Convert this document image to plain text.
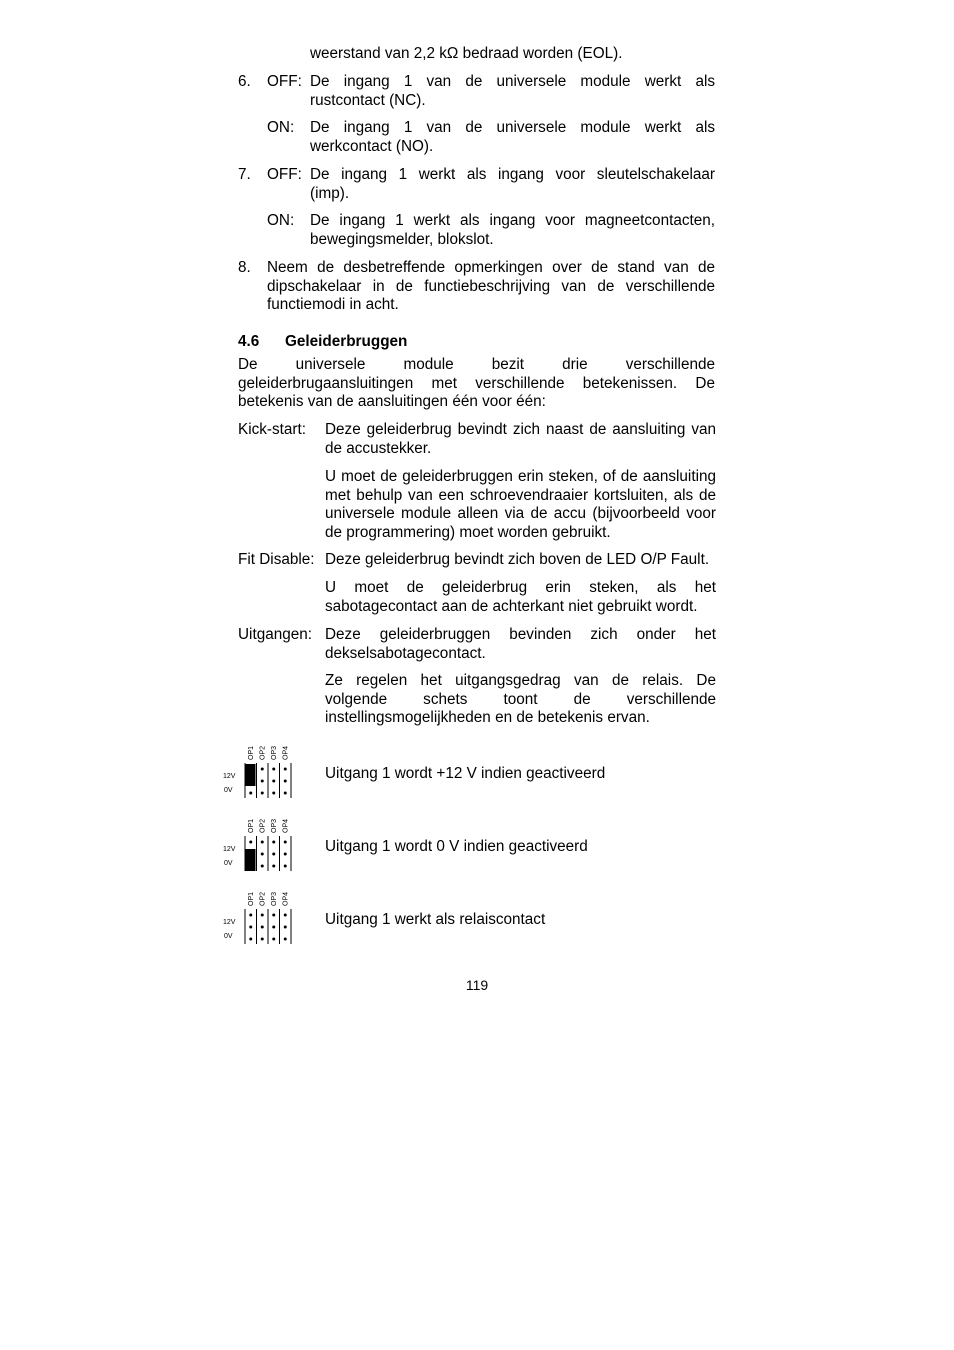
weerstand van 2,2 kΩ bedraad worden (EOL).
6. OFF: De ingang 1 van de universele module werkt als
rustcontact (NC).
ON: De ingang 1 van de universele module werkt als
werkcontact (NO).
7. OFF: De ingang 1 werkt als ingang voor sleutelschakelaar
(imp).
ON: De ingang 1 werkt als ingang voor magneetcontacten,
bewegingsmelder, blokslot.
8. Neem de desbetreffende opmerkingen over de stand van de
dipschakelaar in de functiebeschrijving van de verschillende
functiemodi in acht.
4.6 Geleiderbruggen
De universele module bezit drie verschillende
geleiderbrugaansluitingen met verschillende betekenissen. De
betekenis van de aansluitingen één voor één:
Kick-start: Deze geleiderbrug bevindt zich naast de aansluiting van
de accustekker.
U moet de geleiderbruggen erin steken, of de aansluiting
met behulp van een schroevendraaier kortsluiten, als de
universele module alleen via de accu (bijvoorbeeld voor
de programmering) moet worden gebruikt.
Fit Disable: Deze geleiderbrug bevindt zich boven de LED O/P Fault.
U moet de geleiderbrug erin steken, als het
sabotagecontact aan de achterkant niet gebruikt wordt.
Uitgangen: Deze geleiderbruggen bevinden zich onder het
dekselsabotagecontact.
Ze regelen het uitgangsgedrag van de relais. De
volgende schets toont de verschillende
instellingsmogelijkheden en de betekenis ervan.
OP1 OP2 OP3 OP4
12V
0V
Uitgang 1 wordt +12 V indien geactiveerd
OP1 OP2 OP3 OP4
12V
0V
Uitgang 1 wordt 0 V indien geactiveerd
OP1 OP2 OP3 OP4
12V
0V
Uitgang 1 werkt als relaiscontact
119
